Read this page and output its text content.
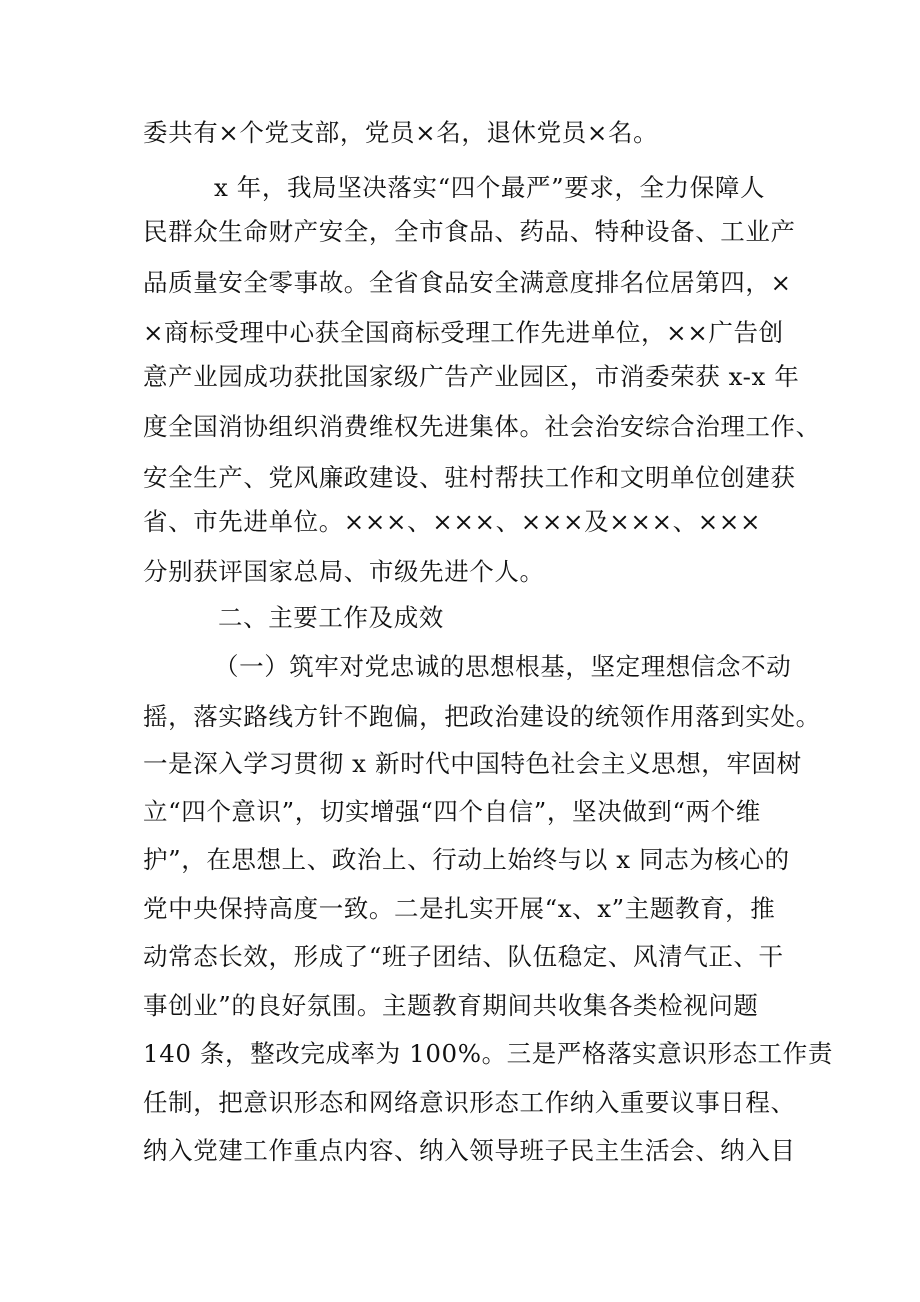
委共有×个党支部，党员×名，退休党员×名。
x 年，我局坚决落实“四个最严”要求，全力保障人
民群众生命财产安全，全市食品、药品、特种设备、工业产
品质量安全零事故。全省食品安全满意度排名位居第四，×
×商标受理中心获全国商标受理工作先进单位，××广告创
意产业园成功获批国家级广告产业园区，市消委荣获 x-x 年
度全国消协组织消费维权先进集体。社会治安综合治理工作、
安全生产、党风廉政建设、驻村帮扶工作和文明单位创建获
省、市先进单位。×××、×××、×××及×××、×××
分别获评国家总局、市级先进个人。
二、主要工作及成效
（一）筑牢对党忠诚的思想根基，坚定理想信念不动
摇，落实路线方针不跑偏，把政治建设的统领作用落到实处。
一是深入学习贯彻 x 新时代中国特色社会主义思想，牢固树
立“四个意识”，切实增强“四个自信”，坚决做到“两个维
护”，在思想上、政治上、行动上始终与以 x 同志为核心的
党中央保持高度一致。二是扎实开展“x、x”主题教育，推
动常态长效，形成了“班子团结、队伍稳定、风清气正、干
事创业”的良好氛围。主题教育期间共收集各类检视问题
140 条，整改完成率为 100%。三是严格落实意识形态工作责
任制，把意识形态和网络意识形态工作纳入重要议事日程、
纳入党建工作重点内容、纳入领导班子民主生活会、纳入目
